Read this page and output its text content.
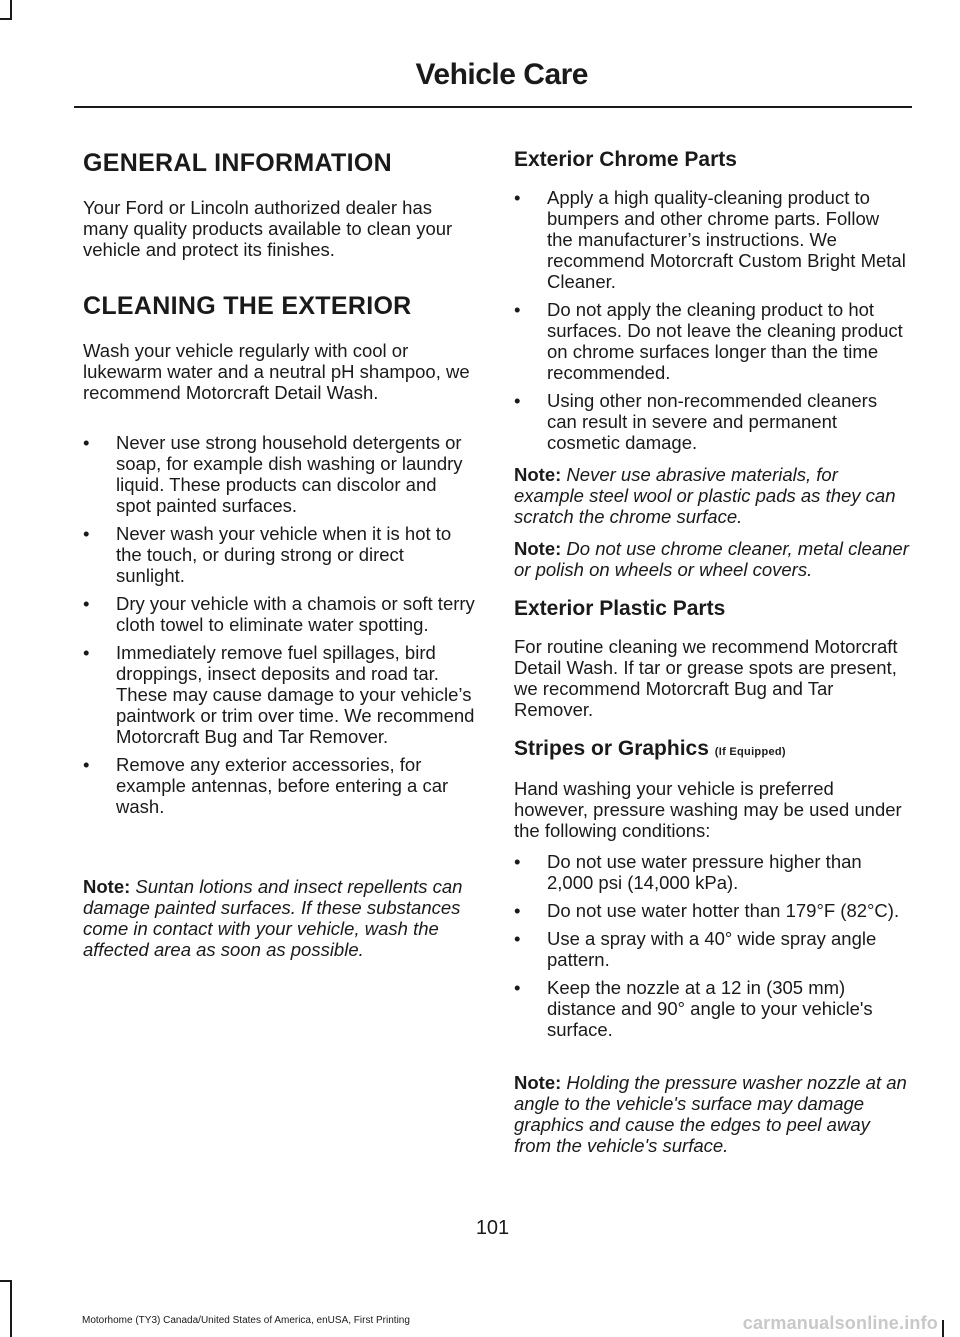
Vehicle Care
GENERAL INFORMATION

Your Ford or Lincoln authorized dealer has many quality products available to clean your vehicle and protect its finishes.

CLEANING THE EXTERIOR

Wash your vehicle regularly with cool or lukewarm water and a neutral pH shampoo, we recommend Motorcraft Detail Wash.

• Never use strong household detergents or soap, for example dish washing or laundry liquid. These products can discolor and spot painted surfaces.
• Never wash your vehicle when it is hot to the touch, or during strong or direct sunlight.
• Dry your vehicle with a chamois or soft terry cloth towel to eliminate water spotting.
• Immediately remove fuel spillages, bird droppings, insect deposits and road tar. These may cause damage to your vehicle’s paintwork or trim over time. We recommend Motorcraft Bug and Tar Remover.
• Remove any exterior accessories, for example antennas, before entering a car wash.

Note: Suntan lotions and insect repellents can damage painted surfaces. If these substances come in contact with your vehicle, wash the affected area as soon as possible.

Exterior Chrome Parts
• Apply a high quality-cleaning product to bumpers and other chrome parts. Follow the manufacturer’s instructions. We recommend Motorcraft Custom Bright Metal Cleaner.
• Do not apply the cleaning product to hot surfaces. Do not leave the cleaning product on chrome surfaces longer than the time recommended.
• Using other non-recommended cleaners can result in severe and permanent cosmetic damage.

Note: Never use abrasive materials, for example steel wool or plastic pads as they can scratch the chrome surface.

Note: Do not use chrome cleaner, metal cleaner or polish on wheels or wheel covers.

Exterior Plastic Parts

For routine cleaning we recommend Motorcraft Detail Wash. If tar or grease spots are present, we recommend Motorcraft Bug and Tar Remover.

Stripes or Graphics (If Equipped)

Hand washing your vehicle is preferred however, pressure washing may be used under the following conditions:

• Do not use water pressure higher than 2,000 psi (14,000 kPa).
• Do not use water hotter than 179°F (82°C).
• Use a spray with a 40° wide spray angle pattern.
• Keep the nozzle at a 12 in (305 mm) distance and 90° angle to your vehicle's surface.

Note: Holding the pressure washer nozzle at an angle to the vehicle's surface may damage graphics and cause the edges to peel away from the vehicle's surface.

101
Motorhome (TY3) Canada/United States of America, enUSA, First Printing	carmanualsonline.info
